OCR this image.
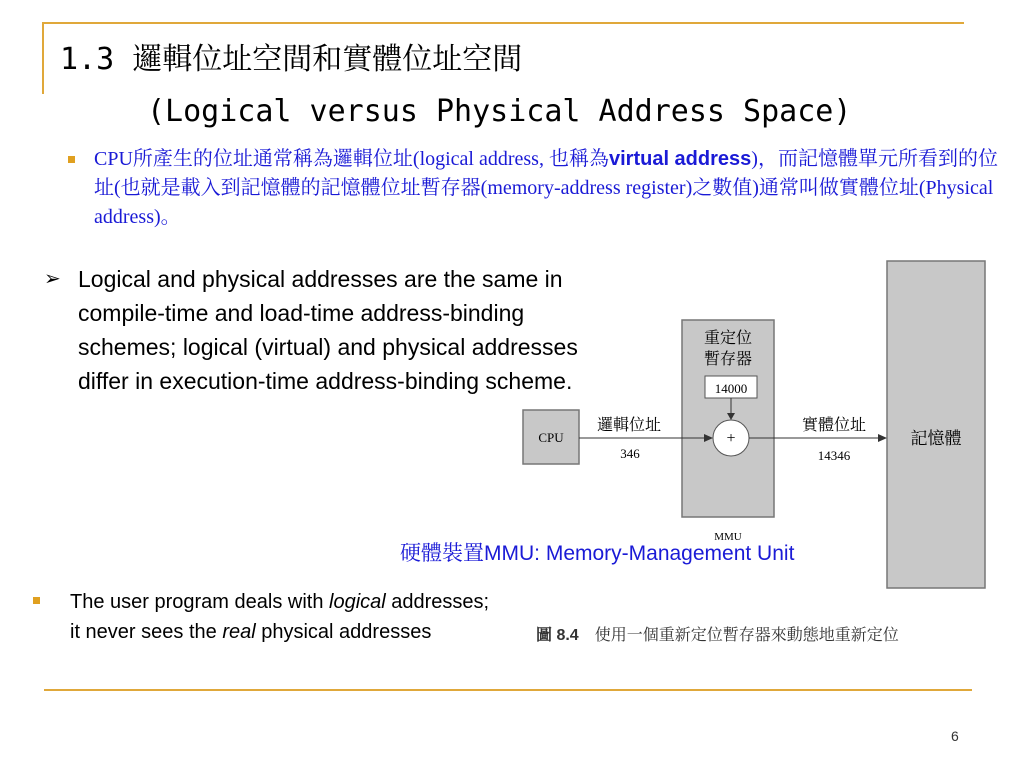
1.3 邏輯位址空間和實體位址空間
(Logical versus Physical Address Space)
CPU所產生的位址通常稱為邏輯位址(logical address, 也稱為virtual address)，而記憶體單元所看到的位址(也就是載入到記憶體的記憶體位址暫存器(memory-address register)之數值)通常叫做實體位址(Physical address)。
➢ Logical and physical addresses are the same in compile-time and load-time address-binding schemes; logical (virtual) and physical addresses differ in execution-time address-binding scheme.
記憶體
重定位
暫存器
14000
+
MMU
CPU
邏輯位址
346
實體位址
14346
硬體裝置MMU: Memory-Management Unit
The user program deals with logical addresses; it never sees the real physical addresses	圖 8.4 使用一個重新定位暫存器來動態地重新定位
6
